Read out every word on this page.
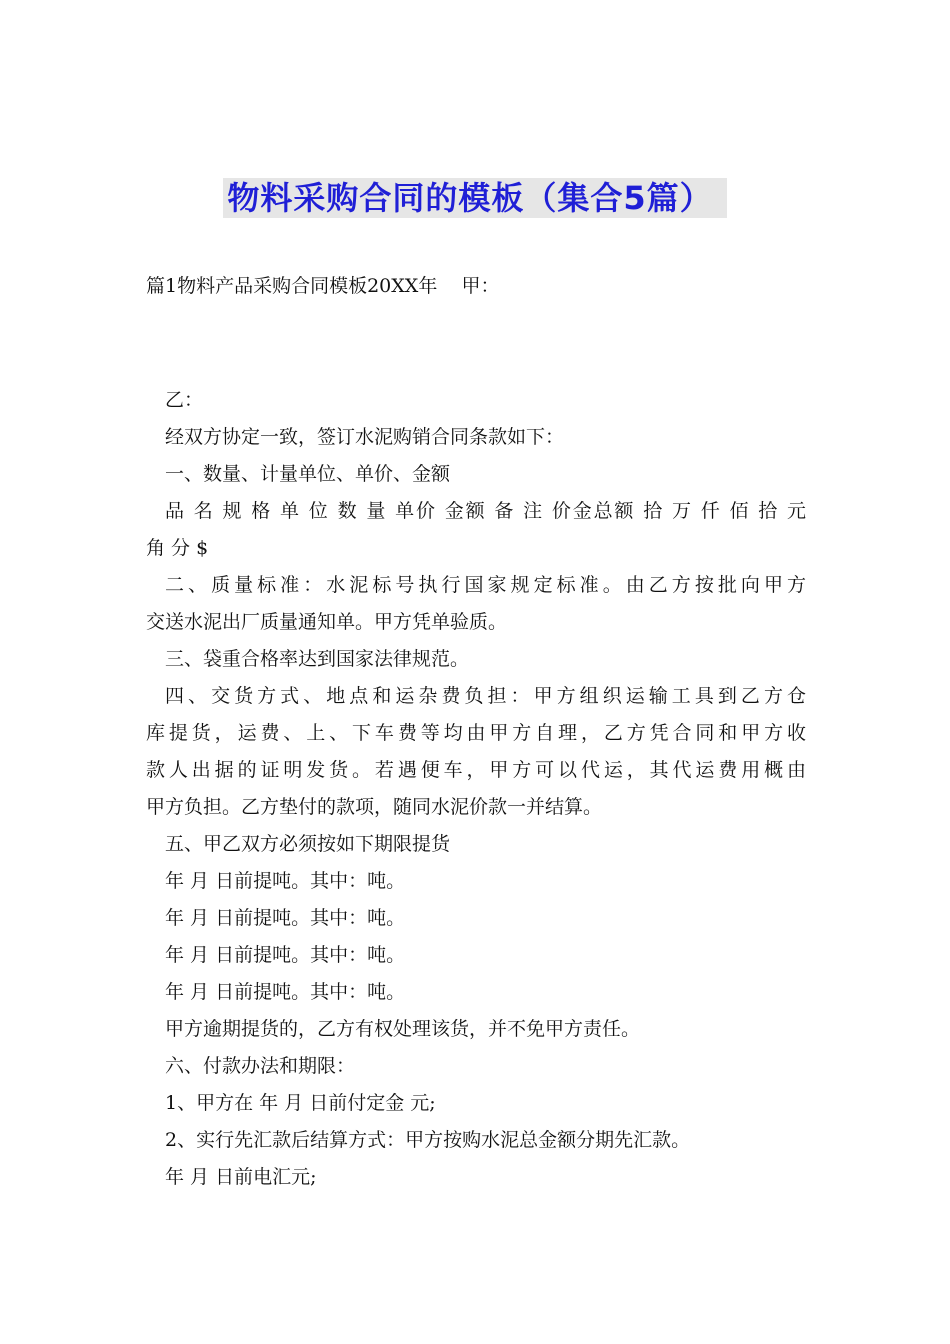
物料采购合同的模板（集合5篇）
篇1物料产品采购合同模板20XX年    甲：

乙：

经双方协定一致，签订水泥购销合同条款如下：

一、数量、计量单位、单价、金额

品 名 规 格 单 位 数 量 单价 金额 备 注 价金总额 拾 万 仟 佰 拾 元

角 分 $

二、质量标准：水泥标号执行国家规定标准。由乙方按批向甲方

交送水泥出厂质量通知单。甲方凭单验质。

三、袋重合格率达到国家法律规范。

四、交货方式、地点和运杂费负担：甲方组织运输工具到乙方仓

库提货，运费、上、下车费等均由甲方自理，乙方凭合同和甲方收

款人出据的证明发货。若遇便车，甲方可以代运，其代运费用概由

甲方负担。乙方垫付的款项，随同水泥价款一并结算。

五、甲乙双方必须按如下期限提货

年 月 日前提吨。其中：吨。

年 月 日前提吨。其中：吨。

年 月 日前提吨。其中：吨。

年 月 日前提吨。其中：吨。

甲方逾期提货的，乙方有权处理该货，并不免甲方责任。

六、付款办法和期限：

1、甲方在 年 月 日前付定金 元;

2、实行先汇款后结算方式：甲方按购水泥总金额分期先汇款。

年 月 日前电汇元;
